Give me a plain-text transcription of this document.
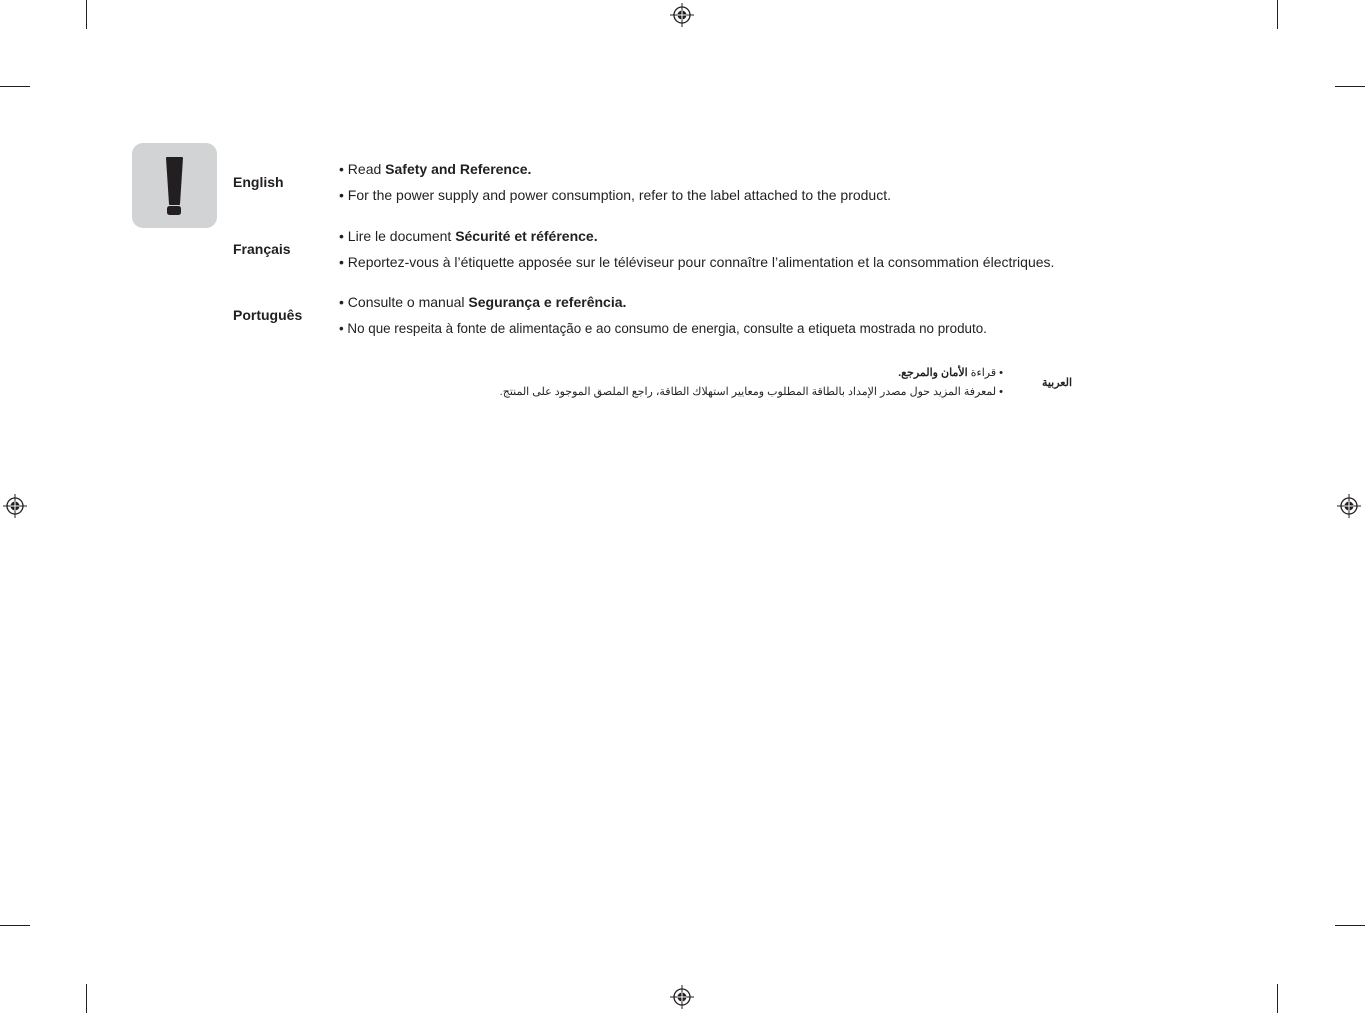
English
• Read Safety and Reference.
• For the power supply and power consumption, refer to the label attached to the product.
Français
• Lire le document Sécurité et référence.
• Reportez-vous à l’étiquette apposée sur le téléviseur pour connaître l’alimentation et la consommation électriques.
Português
• Consulte o manual Segurança e referência.
• No que respeita à fonte de alimentação e ao consumo de energia, consulte a etiqueta mostrada no produto.
العربية
• قراءة الأمان والمرجع.
• لمعرفة المزيد حول مصدر الإمداد بالطاقة المطلوب ومعايير استهلاك الطاقة، راجع الملصق الموجود على المنتج.
